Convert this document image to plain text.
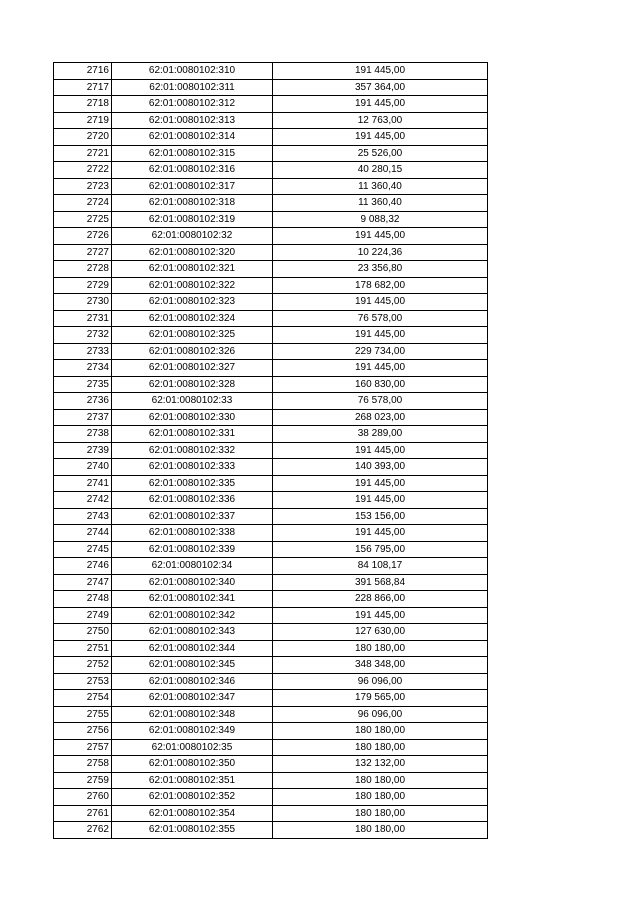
2716	62:01:0080102:310	191 445,00
2717	62:01:0080102:311	357 364,00
2718	62:01:0080102:312	191 445,00
2719	62:01:0080102:313	12 763,00
2720	62:01:0080102:314	191 445,00
2721	62:01:0080102:315	25 526,00
2722	62:01:0080102:316	40 280,15
2723	62:01:0080102:317	11 360,40
2724	62:01:0080102:318	11 360,40
2725	62:01:0080102:319	9 088,32
2726	62:01:0080102:32	191 445,00
2727	62:01:0080102:320	10 224,36
2728	62:01:0080102:321	23 356,80
2729	62:01:0080102:322	178 682,00
2730	62:01:0080102:323	191 445,00
2731	62:01:0080102:324	76 578,00
2732	62:01:0080102:325	191 445,00
2733	62:01:0080102:326	229 734,00
2734	62:01:0080102:327	191 445,00
2735	62:01:0080102:328	160 830,00
2736	62:01:0080102:33	76 578,00
2737	62:01:0080102:330	268 023,00
2738	62:01:0080102:331	38 289,00
2739	62:01:0080102:332	191 445,00
2740	62:01:0080102:333	140 393,00
2741	62:01:0080102:335	191 445,00
2742	62:01:0080102:336	191 445,00
2743	62:01:0080102:337	153 156,00
2744	62:01:0080102:338	191 445,00
2745	62:01:0080102:339	156 795,00
2746	62:01:0080102:34	84 108,17
2747	62:01:0080102:340	391 568,84
2748	62:01:0080102:341	228 866,00
2749	62:01:0080102:342	191 445,00
2750	62:01:0080102:343	127 630,00
2751	62:01:0080102:344	180 180,00
2752	62:01:0080102:345	348 348,00
2753	62:01:0080102:346	96 096,00
2754	62:01:0080102:347	179 565,00
2755	62:01:0080102:348	96 096,00
2756	62:01:0080102:349	180 180,00
2757	62:01:0080102:35	180 180,00
2758	62:01:0080102:350	132 132,00
2759	62:01:0080102:351	180 180,00
2760	62:01:0080102:352	180 180,00
2761	62:01:0080102:354	180 180,00
2762	62:01:0080102:355	180 180,00
